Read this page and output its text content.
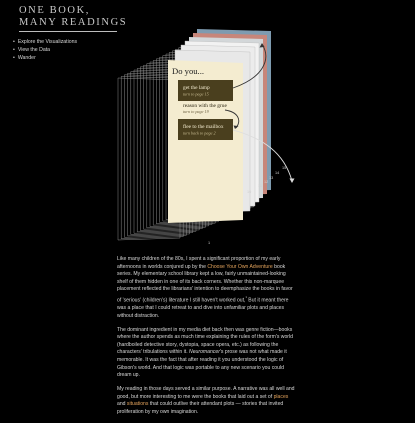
ONE BOOK,
MANY READINGS
• Explore the Visualizations
• View the Data
• Wander
Do you...
get the lamp
turn to page 15
reason with the grue
turn to page 19
flee to the mailbox
turn back to page 2
10
11
12
13
14
15
1

Like many children of the 80s, I spent a significant proportion of my early afternoons in worlds conjured up by the Choose Your Own Adventure book series. My elementary school library kept a low, fairly unmaintained-looking shelf of them hidden in one of its back corners. Whether this non-marquee placement reflected the librarians' intention to deemphasize the books in favor of 'serious' (children's) literature I still haven't worked out,$^{^1}$ But it meant there was a place that I could retreat to and dive into unfamiliar plots and places without distraction.

The dominant ingredient in my media diet back then was genre fiction—books where the author spends as much time explaining the rules of the form's world (hardboiled detective story, dystopia, space opera, etc.) as following the characters' tribulations within it. Neuromancer's prose was not what made it memorable. It was the fact that after reading it you understood the logic of Gibson's world. And that logic was portable to any new scenario you could dream up.

My reading in those days served a similar purpose. A narrative was all well and good, but more interesting to me were the books that laid out a set of places and situations that could outlive their attendant plots — stories that invited proliferation by my own imagination.
